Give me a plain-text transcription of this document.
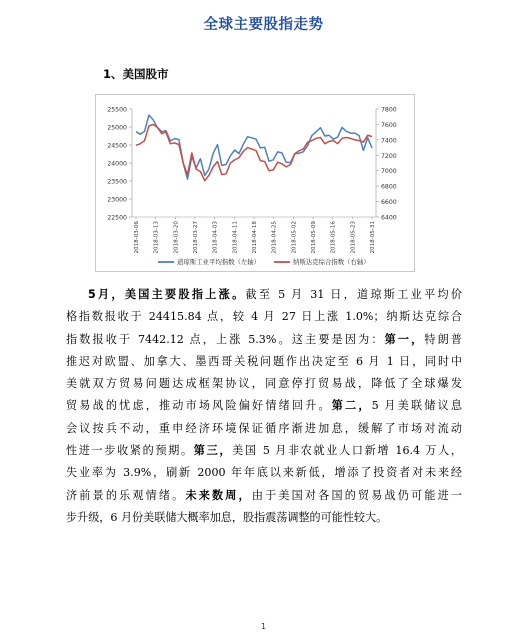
全球主要股指走势
1、美国股市
22500
23000
23500
24000
24500
25000
25500
6400
6600
6800
7000
7200
7400
7600
7800
2018-03-06 2018-03-13 2018-03-20 2018-03-27 2018-04-03 2018-04-11 2018-04-18 2018-04-25 2018-05-02 2018-05-09 2018-05-16 2018-05-23 2018-05-31
道琼斯工业平均指数（左轴）	纳斯达克综合指数（右轴）
5月，美国主要股指上涨。截至 5 月 31 日，道琼斯工业平均价
格指数报收于 24415.84 点，较 4 月 27 日上涨 1.0%；纳斯达克综合
指数报收于 7442.12 点，上涨 5.3%。这主要是因为：第一，特朗普
推迟对欧盟、加拿大、墨西哥关税问题作出决定至 6 月 1 日，同时中
美就双方贸易问题达成框架协议，同意停打贸易战，降低了全球爆发
贸易战的忧虑，推动市场风险偏好情绪回升。第二，5 月美联储议息
会议按兵不动，重申经济环境保证循序渐进加息，缓解了市场对流动
性进一步收紧的预期。第三，美国 5 月非农就业人口新增 16.4 万人，
失业率为 3.9%，刷新 2000 年年底以来新低，增添了投资者对未来经
济前景的乐观情绪。未来数周，由于美国对各国的贸易战仍可能进一
步升级，6 月份美联储大概率加息，股指震荡调整的可能性较大。
1
